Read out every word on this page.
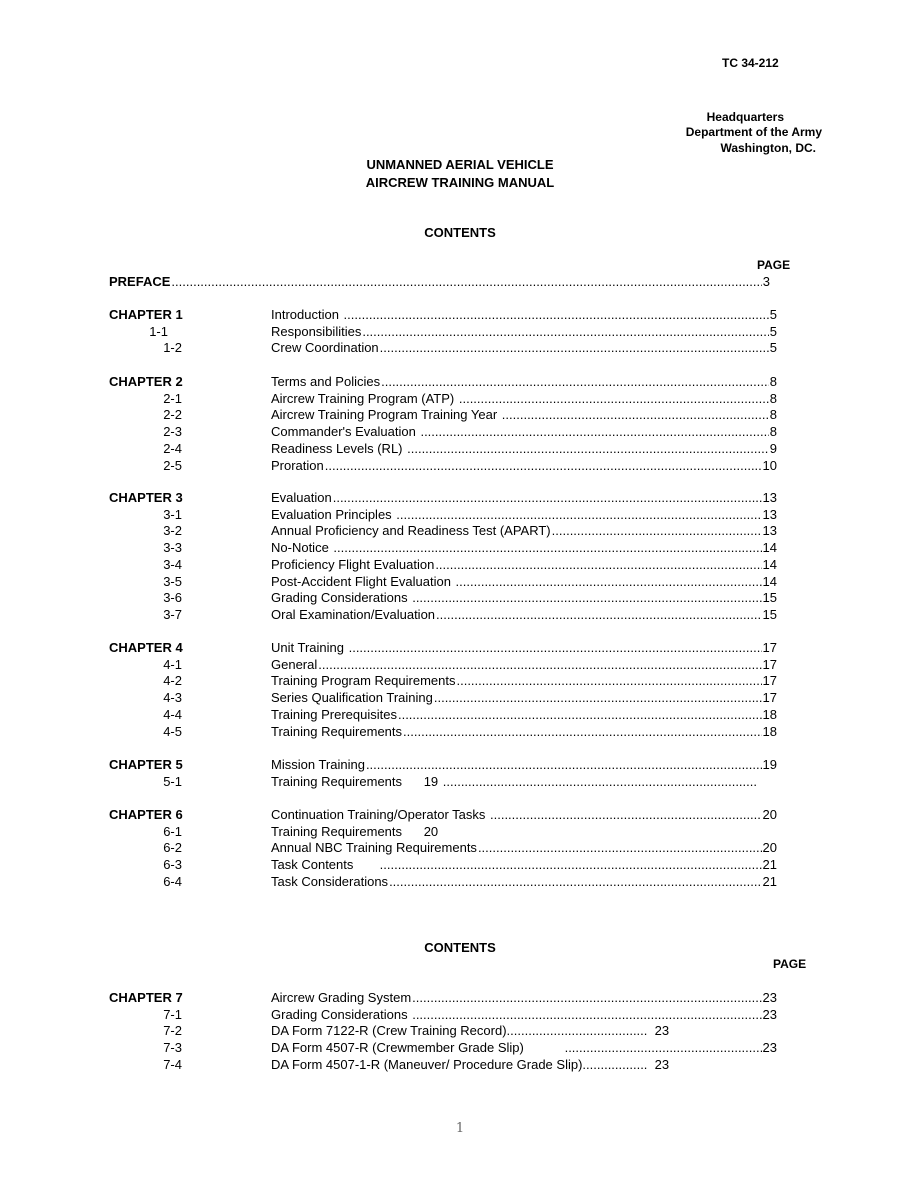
TC 34-212
Headquarters
Department of the Army
Washington, DC.
UNMANNED AERIAL VEHICLE
AIRCREW TRAINING MANUAL
CONTENTS
PAGE
PREFACE .....	3
CHAPTER 1	Introduction .....	5
1-1	Responsibilities .....	5
1-2	Crew Coordination .....	5
CHAPTER 2	Terms and Policies .....	8
2-1	Aircrew Training Program (ATP) .....	8
2-2	Aircrew Training Program Training Year .....	8
2-3	Commander's Evaluation .....	8
2-4	Readiness Levels (RL) .....	9
2-5	Proration .....	10
CHAPTER 3	Evaluation .....	13
3-1	Evaluation Principles .....	13
3-2	Annual Proficiency and Readiness Test (APART) .....	13
3-3	No-Notice .....	14
3-4	Proficiency Flight Evaluation .....	14
3-5	Post-Accident Flight Evaluation .....	14
3-6	Grading Considerations .....	15
3-7	Oral Examination/Evaluation .....	15
CHAPTER 4	Unit Training .....	17
4-1	General .....	17
4-2	Training Program Requirements .....	17
4-3	Series Qualification Training .....	17
4-4	Training Prerequisites .....	18
4-5	Training Requirements .....	18
CHAPTER 5	Mission Training .....	19
5-1	Training Requirements      19
.....
CHAPTER 6	Continuation Training/Operator Tasks .....	20
6-1	Training Requirements      20
6-2	Annual NBC Training Requirements .....	20
6-3	Task Contents .....	21
6-4	Task Considerations .....	21
CONTENTS
PAGE
CHAPTER 7	Aircrew Grading System .....	23
7-1	Grading Considerations .....	23
7-2	DA Form 7122-R (Crew Training Record) .......................................  23
7-3	DA Form 4507-R (Crewmember Grade Slip) .....	23
7-4	DA Form 4507-1-R (Maneuver/ Procedure Grade Slip) ..................  23
1
